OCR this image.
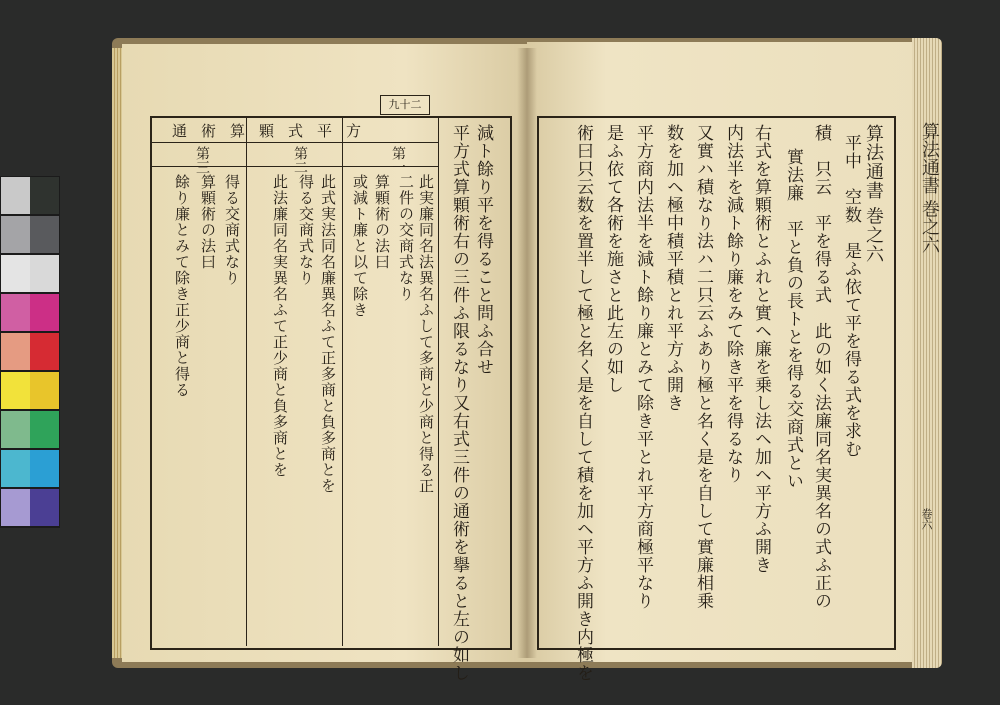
九十二
減ト餘り平を得ること問ふ合せ
平方式算顆術右の三件ふ限るなり又右式三件の通術を擧ると左の如し
通術算顆式平方
第一
第二
第三
此実廉同名法異名ふして多商と少商と得る正
二件の交商式なり
算顆術の法曰
或減ト廉と以て除き
此式実法同名廉異名ふて正多商と負多商とを
得る交商式なり
此法廉同名実異名ふて正少商と負多商とを
得る交商式なり
算顆術の法曰
餘り廉とみて除き正少商と得る	算法通書 巻之六
平中　空数　是ふ依て平を得る式を求む
積　只云　平を得る式　此の如く法廉同名実異名の式ふ正の
實法廉　平と負の長トとを得る交商式とい
右式を算顆術とふれと實ヘ廉を乗し法ヘ加ヘ平方ふ開き
内法半を減ト餘り廉をみて除き平を得るなり
又實ハ積なり法ハ二只云ふあり極と名く是を自して實廉相乗
数を加ヘ極中積平積とれ平方ふ開き
平方商内法半を減ト餘り廉とみて除き平とれ平方商極平なり
是ふ依て各術を施さと此左の如し
術曰只云数を置半して極と名く是を自して積を加ヘ平方ふ開き内極を	算法通書 巻之六
卷六
